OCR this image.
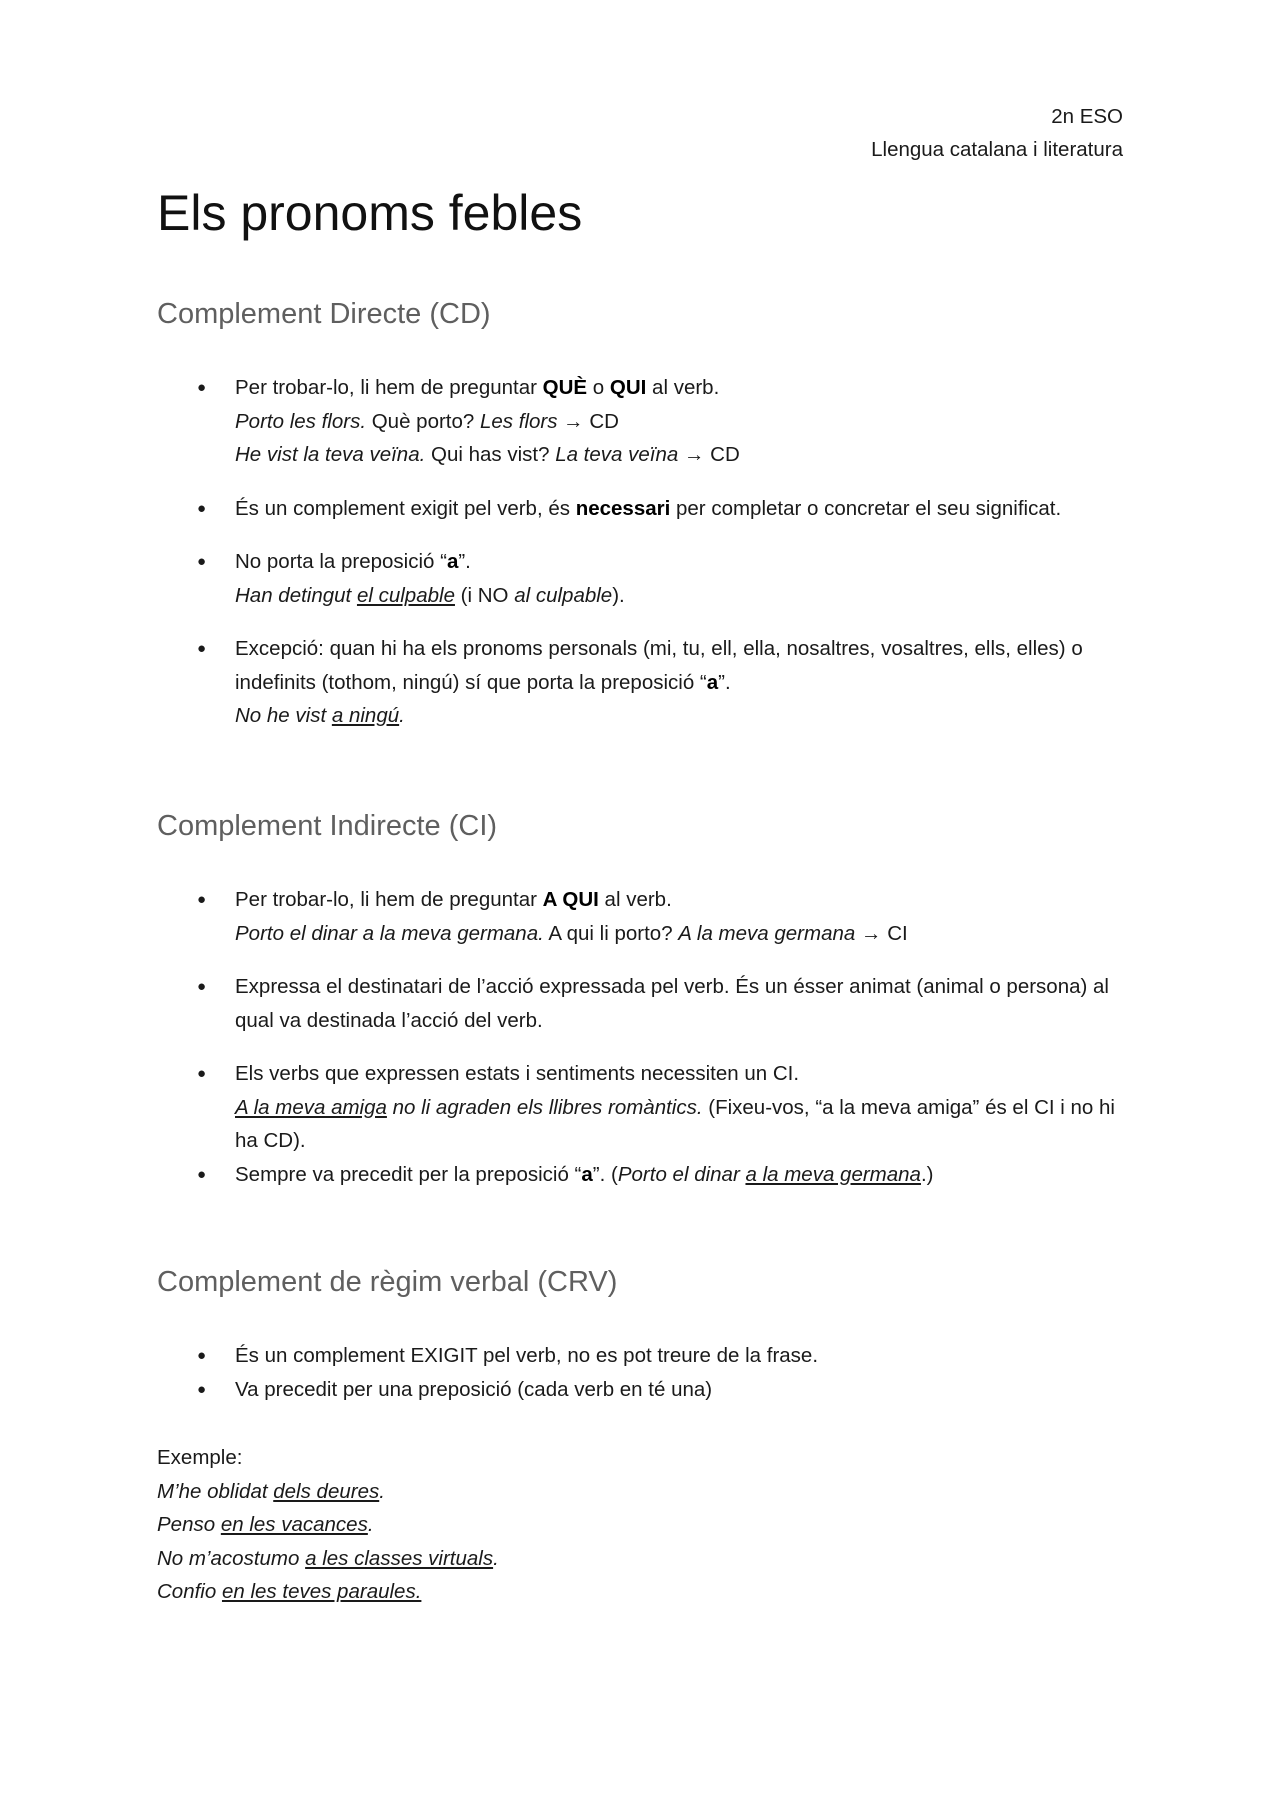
2n ESO
Llengua catalana i literatura
Els pronoms febles
Complement Directe (CD)
● Per trobar-lo, li hem de preguntar QUÈ o QUI al verb.

Porto les flors. Què porto? Les flors → CD

He vist la teva veïna. Qui has vist? La teva veïna → CD

● És un complement exigit pel verb, és necessari per completar o concretar el seu significat.

● No porta la preposició “a”.

Han detingut el culpable (i NO al culpable).

● Excepció: quan hi ha els pronoms personals (mi, tu, ell, ella, nosaltres, vosaltres, ells, elles) o indefinits (tothom, ningú) sí que porta la preposició “a”.

No he vist a ningú.

Complement Indirecte (CI)
● Per trobar-lo, li hem de preguntar A QUI al verb.

Porto el dinar a la meva germana. A qui li porto? A la meva germana → CI

● Expressa el destinatari de l’acció expressada pel verb. És un ésser animat (animal o persona) al qual va destinada l’acció del verb.

● Els verbs que expressen estats i sentiments necessiten un CI.

A la meva amiga no li agraden els llibres romàntics. (Fixeu-vos, “a la meva amiga” és el CI i no hi ha CD).

● Sempre va precedit per la preposició “a”. (Porto el dinar a la meva germana.)

Complement de règim verbal (CRV)
● És un complement EXIGIT pel verb, no es pot treure de la frase.

● Va precedit per una preposició (cada verb en té una)

Exemple:

M’he oblidat dels deures.

Penso en les vacances.

No m’acostumo a les classes virtuals.

Confio en les teves paraules.
